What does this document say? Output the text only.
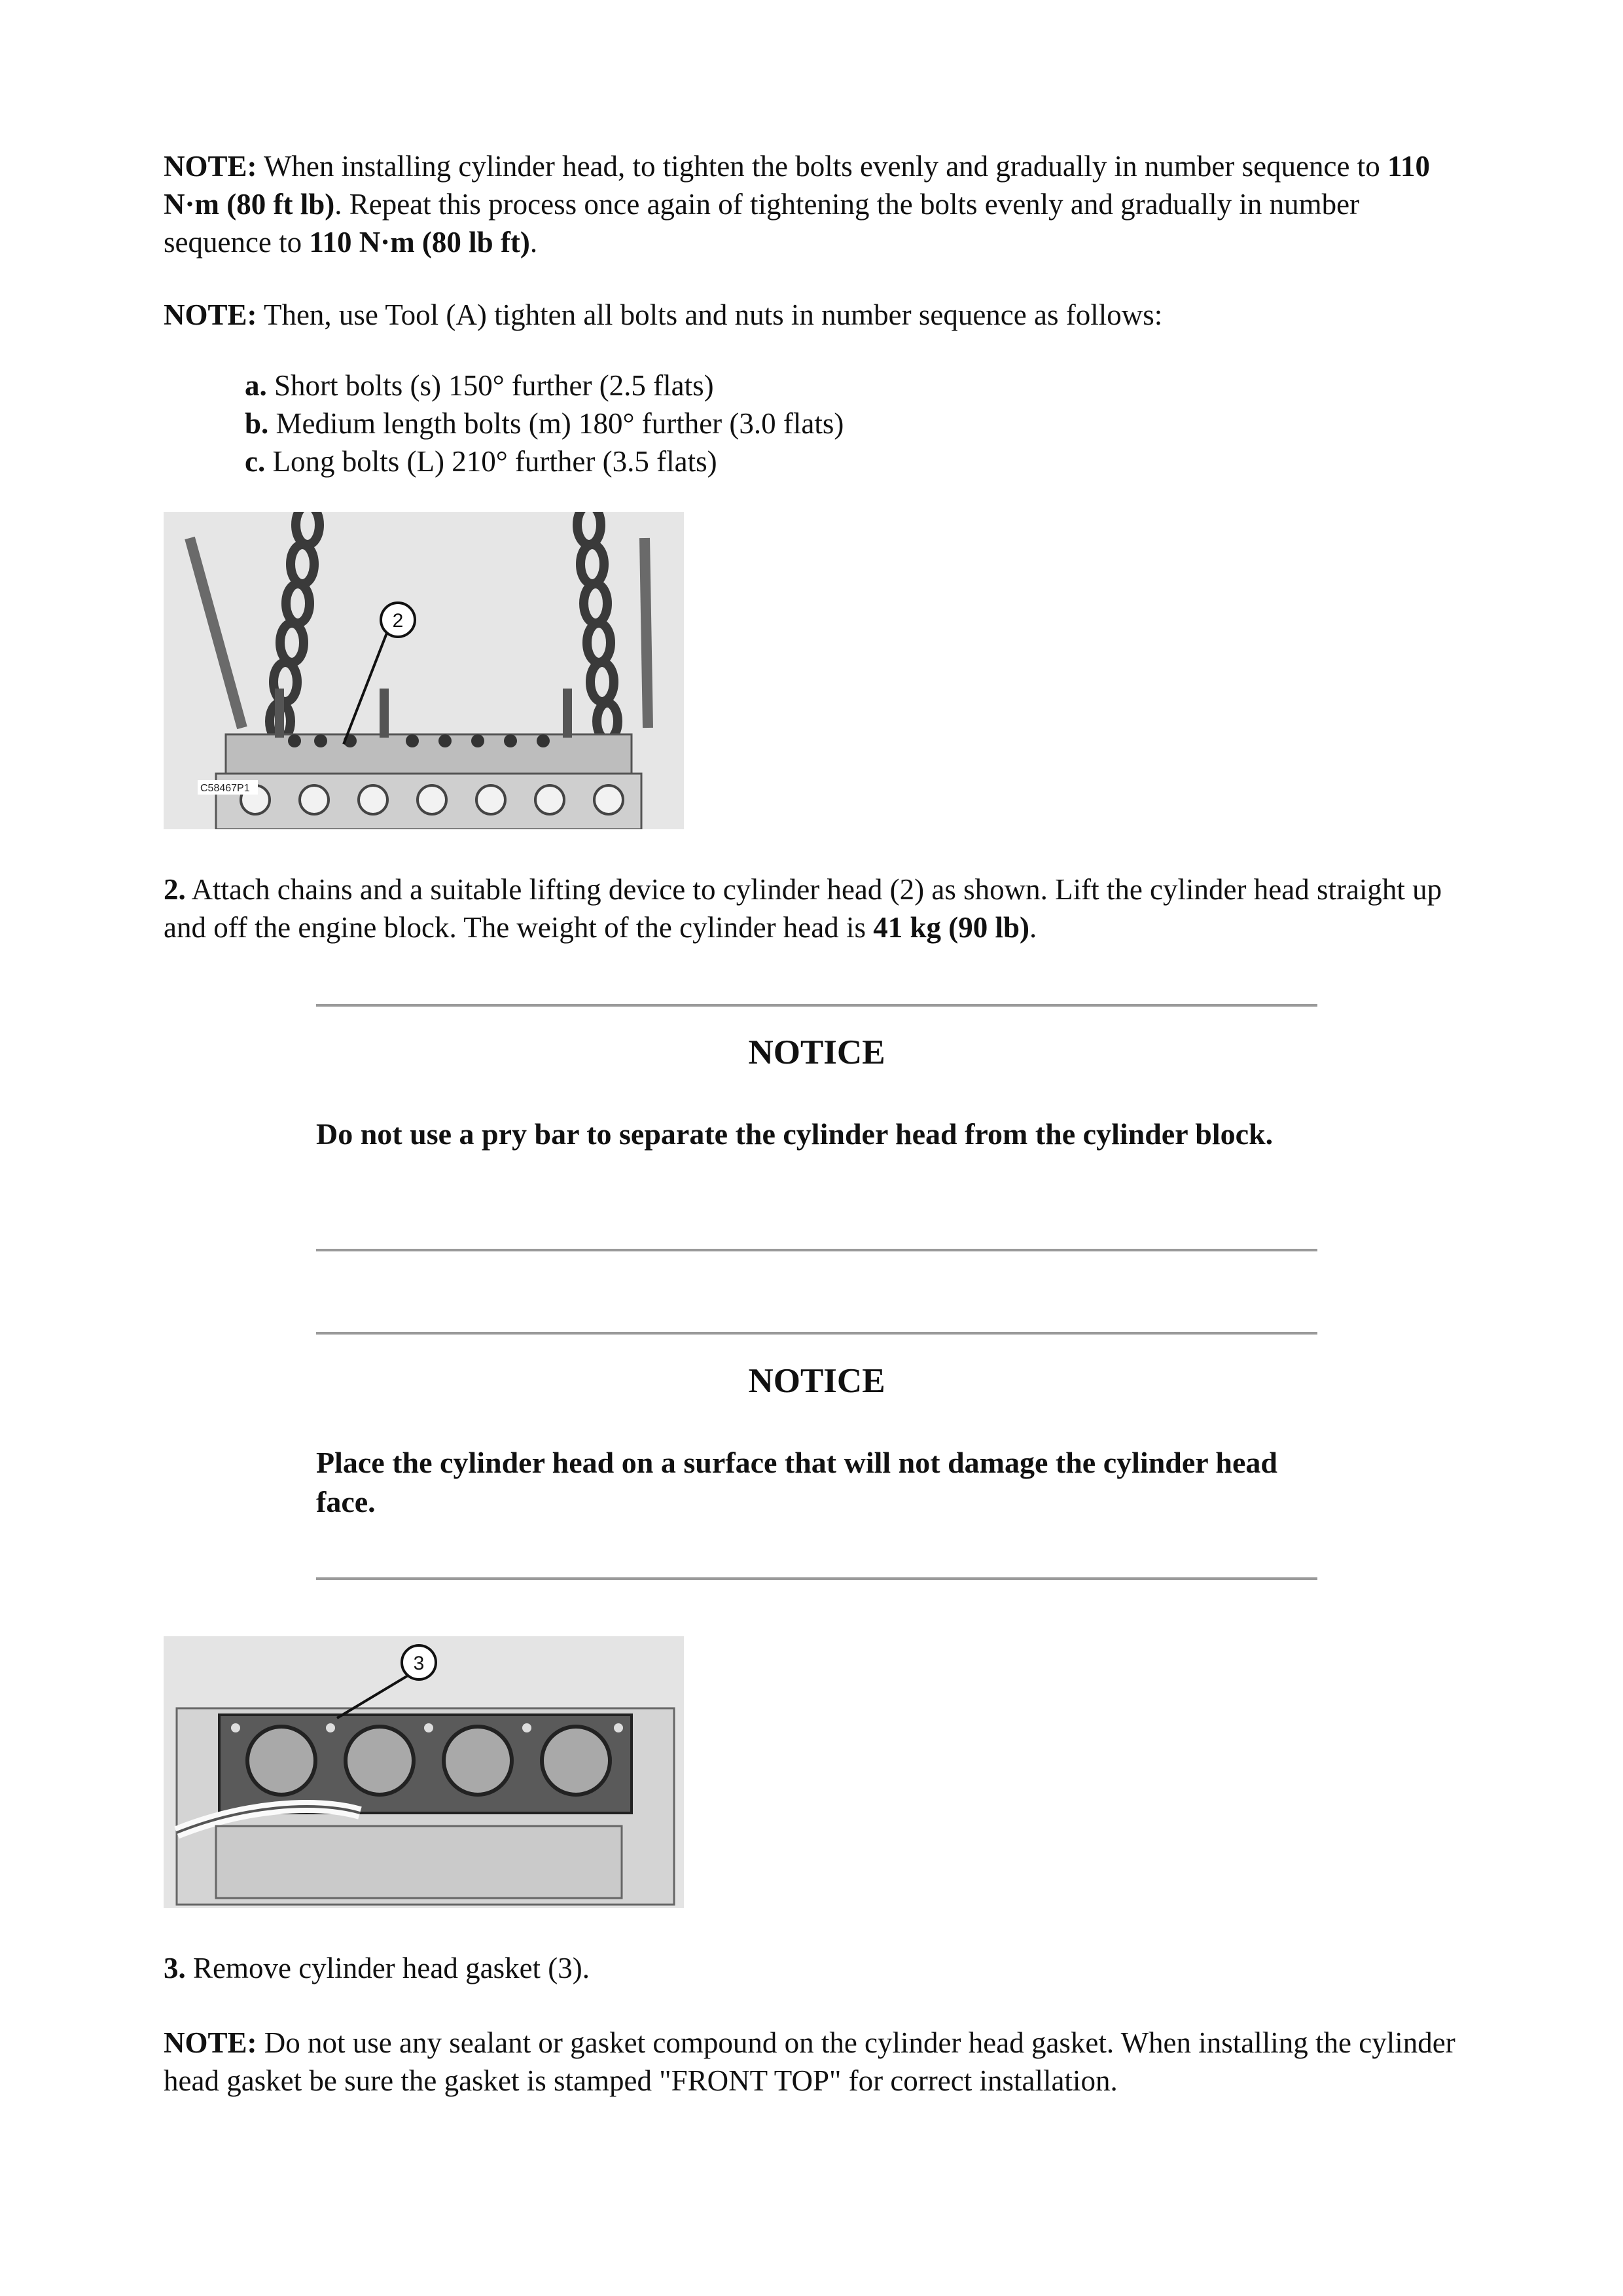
NOTE: When installing cylinder head, to tighten the bolts evenly and gradually in number sequence to 110 N·m (80 ft lb). Repeat this process once again of tightening the bolts evenly and gradually in number sequence to 110 N·m (80 lb ft).

NOTE: Then, use Tool (A) tighten all bolts and nuts in number sequence as follows:

a. Short bolts (s) 150° further (2.5 flats)
b. Medium length bolts (m) 180° further (3.0 flats)
c. Long bolts (L) 210° further (3.5 flats)
2
C58467P1

2. Attach chains and a suitable lifting device to cylinder head (2) as shown. Lift the cylinder head straight up and off the engine block. The weight of the cylinder head is 41 kg (90 lb).

NOTICE
Do not use a pry bar to separate the cylinder head from the cylinder block.
NOTICE
Place the cylinder head on a surface that will not damage the cylinder head face.
3

3. Remove cylinder head gasket (3).

NOTE: Do not use any sealant or gasket compound on the cylinder head gasket. When installing the cylinder head gasket be sure the gasket is stamped "FRONT TOP" for correct installation.
